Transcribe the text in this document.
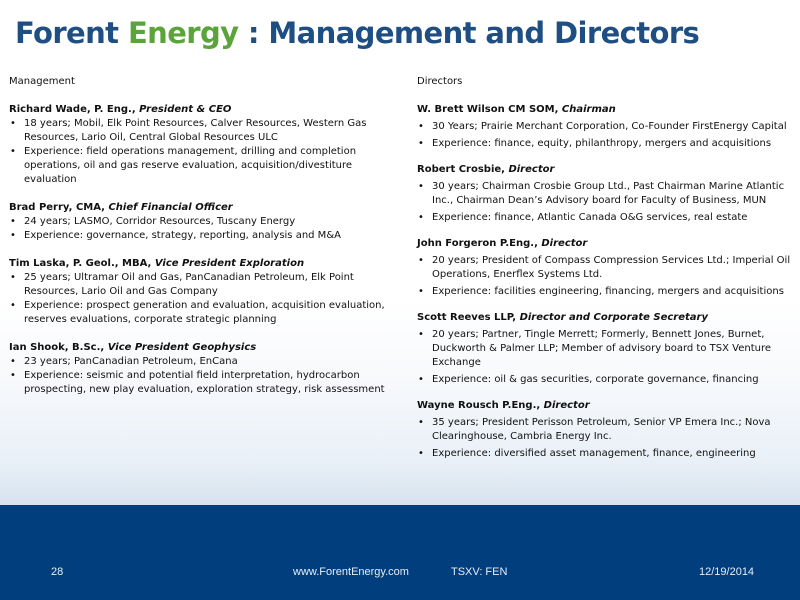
Forent Energy : Management and Directors
Management

Richard Wade, P. Eng., President & CEO

• 18 years; Mobil, Elk Point Resources, Calver Resources, Western Gas Resources, Lario Oil, Central Global Resources ULC
• Experience: field operations management, drilling and completion operations, oil and gas reserve evaluation, acquisition/divestiture evaluation

Brad Perry, CMA, Chief Financial Officer

• 24 years; LASMO, Corridor Resources, Tuscany Energy
• Experience: governance, strategy, reporting, analysis and M&A

Tim Laska, P. Geol., MBA, Vice President Exploration

• 25 years; Ultramar Oil and Gas, PanCanadian Petroleum, Elk Point Resources, Lario Oil and Gas Company
• Experience: prospect generation and evaluation, acquisition evaluation, reserves evaluations, corporate strategic planning

Ian Shook, B.Sc., Vice President Geophysics

• 23 years; PanCanadian Petroleum, EnCana
• Experience: seismic and potential field interpretation, hydrocarbon prospecting, new play evaluation, exploration strategy, risk assessment
Directors

W. Brett Wilson CM SOM, Chairman

• 30 Years; Prairie Merchant Corporation, Co-Founder FirstEnergy Capital
• Experience: finance, equity, philanthropy, mergers and acquisitions

Robert Crosbie, Director

• 30 years; Chairman Crosbie Group Ltd., Past Chairman Marine Atlantic Inc., Chairman Dean’s Advisory board for Faculty of Business, MUN
• Experience: finance, Atlantic Canada O&G services, real estate

John Forgeron P.Eng., Director

• 20 years; President of Compass Compression Services Ltd.; Imperial Oil Operations, Enerflex Systems Ltd.
• Experience: facilities engineering, financing, mergers and acquisitions

Scott Reeves LLP, Director and Corporate Secretary

• 20 years; Partner, Tingle Merrett; Formerly, Bennett Jones, Burnet, Duckworth & Palmer LLP; Member of advisory board to TSX Venture Exchange
• Experience: oil & gas securities, corporate governance, financing

Wayne Rousch P.Eng., Director

• 35 years; President Perisson Petroleum, Senior VP Emera Inc.; Nova Clearinghouse, Cambria Energy Inc.
• Experience: diversified asset management, finance, engineering
28	www.ForentEnergy.com	TSXV: FEN	12/19/2014
